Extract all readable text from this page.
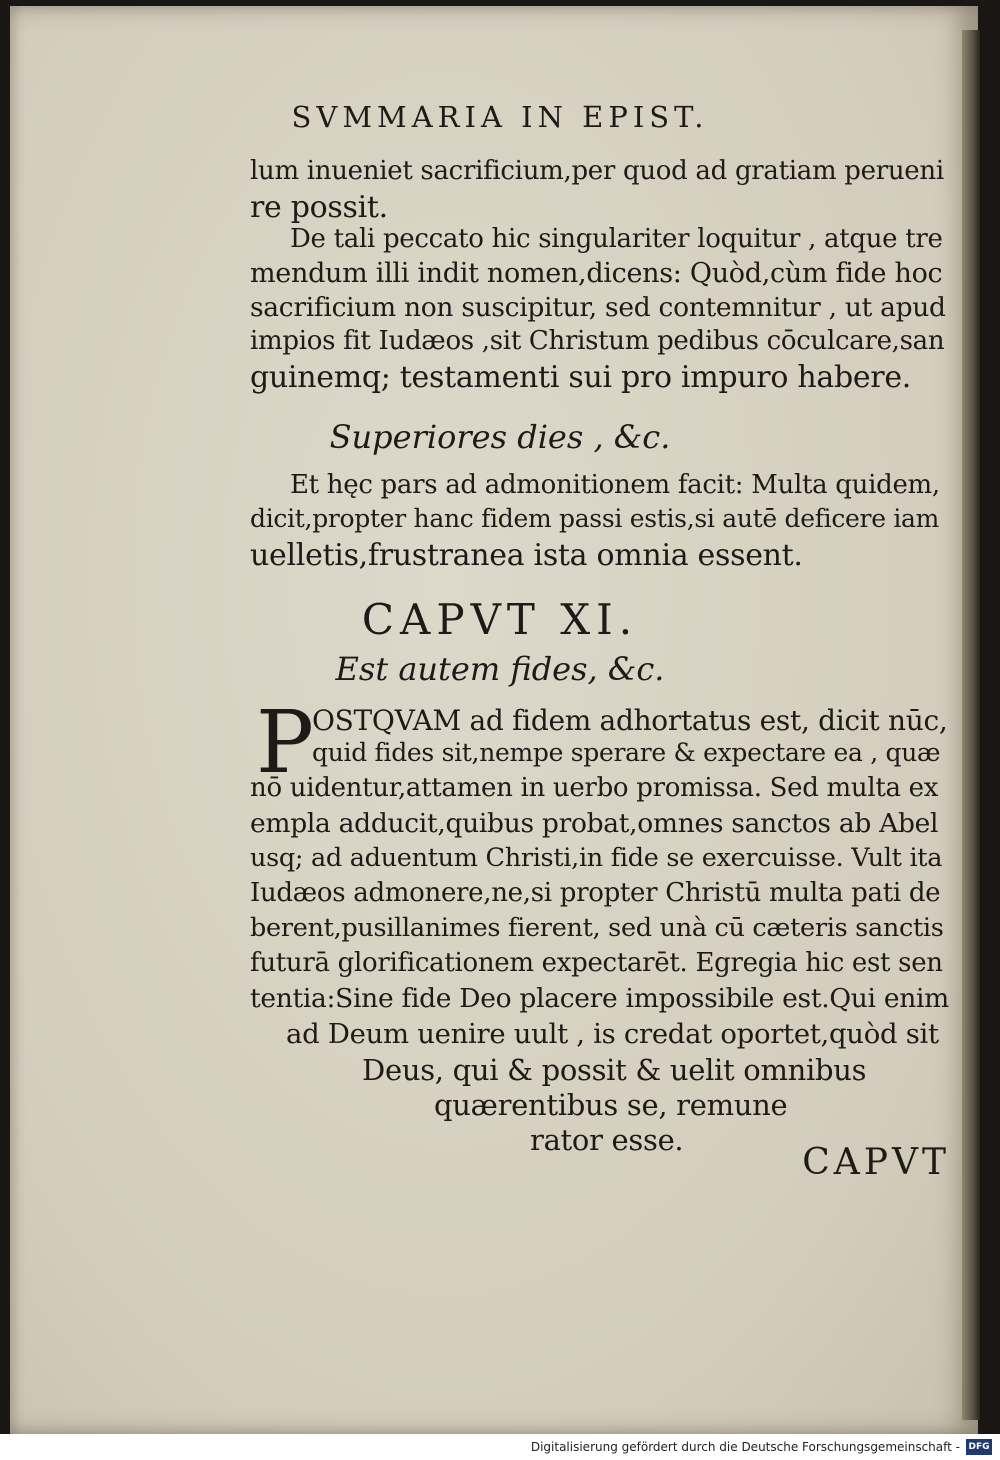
SVMMARIA IN EPIST.
lum inueniet sacrificium,per quod ad gratiam perueni
re possit.
De tali peccato hic singulariter loquitur , atque tre
mendum illi indit nomen,dicens: Quòd,cùm fide hoc
sacrificium non suscipitur, sed contemnitur , ut apud
impios fit Iudæos ,sit Christum pedibus cōculcare,san
guinemq; testamenti sui pro impuro habere.
Superiores dies , &c.
Et hęc pars ad admonitionem facit: Multa quidem,
dicit,propter hanc fidem passi estis,si autē deficere iam
uelletis,frustranea ista omnia essent.
CAPVT XI.
Est autem fides, &c.
P
OSTQVAM ad fidem adhortatus est, dicit nūc,
quid fides sit,nempe sperare & expectare ea , quæ
nō uidentur,attamen in uerbo promissa. Sed multa ex
empla adducit,quibus probat,omnes sanctos ab Abel
usq; ad aduentum Christi,in fide se exercuisse. Vult ita
Iudæos admonere,ne,si propter Christū multa pati de
berent,pusillanimes fierent, sed unà cū cæteris sanctis
futurā glorificationem expectarēt. Egregia hic est sen
tentia:Sine fide Deo placere impossibile est.Qui enim
ad Deum uenire uult , is credat oportet,quòd sit
Deus, qui & possit & uelit omnibus
quærentibus se, remune
rator esse.
CAPVT
Digitalisierung gefördert durch die Deutsche Forschungsgemeinschaft - DFG
